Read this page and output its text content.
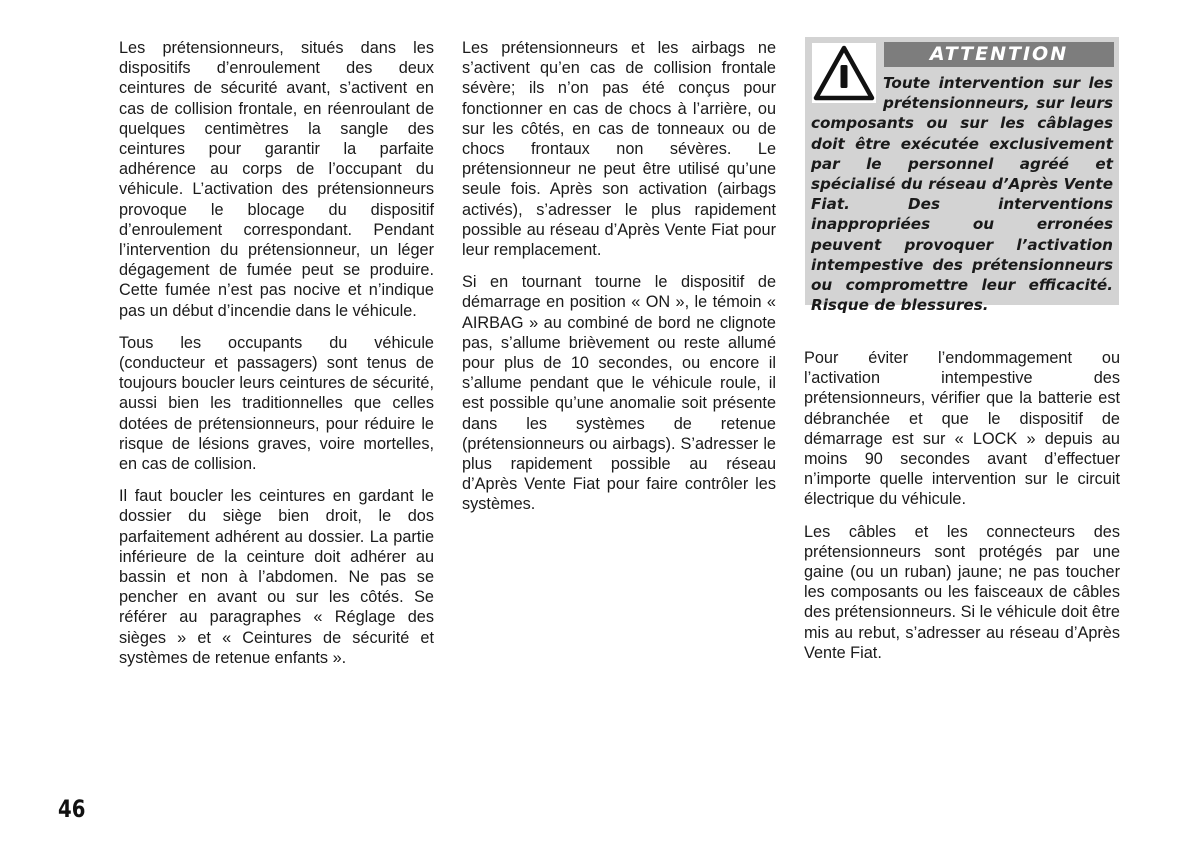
Les prétensionneurs, situés dans les dispositifs d’enroulement des deux ceintures de sécurité avant, s’activent en cas de collision frontale, en réenroulant de quelques centimètres la sangle des ceintures pour garantir la parfaite adhérence au corps de l’occupant du véhicule. L’activation des prétensionneurs provoque le blocage du dispositif d’enroulement correspondant. Pendant l’intervention du prétensionneur, un léger dégagement de fumée peut se produire. Cette fumée n’est pas nocive et n’indique pas un début d’incendie dans le véhicule.

Tous les occupants du véhicule (conducteur et passagers) sont tenus de toujours boucler leurs ceintures de sécurité, aussi bien les traditionnelles que celles dotées de prétensionneurs, pour réduire le risque de lésions graves, voire mortelles, en cas de collision.

Il faut boucler les ceintures en gardant le dossier du siège bien droit, le dos parfaitement adhérent au dossier. La partie inférieure de la ceinture doit adhérer au bassin et non à l’abdomen. Ne pas se pencher en avant ou sur les côtés. Se référer au paragraphes « Réglage des sièges » et « Ceintures de sécurité et systèmes de retenue enfants ».

Les prétensionneurs et les airbags ne s’activent qu’en cas de collision frontale sévère; ils n’on pas été conçus pour fonctionner en cas de chocs à l’arrière, ou sur les côtés, en cas de tonneaux ou de chocs frontaux non sévères. Le prétensionneur ne peut être utilisé qu’une seule fois. Après son activation (airbags activés), s’adresser le plus rapidement possible au réseau d’Après Vente Fiat pour leur remplacement.

Si en tournant tourne le dispositif de démarrage en position « ON », le témoin « AIRBAG » au combiné de bord ne clignote pas, s’allume brièvement ou reste allumé pour plus de 10 secondes, ou encore il s’allume pendant que le véhicule roule, il est possible qu’une anomalie soit présente dans les systèmes de retenue (prétensionneurs ou airbags). S’adresser le plus rapidement possible au réseau d’Après Vente Fiat pour faire contrôler les systèmes.

ATTENTION

Toute intervention sur les prétensionneurs, sur leurs composants ou sur les câblages doit être exécutée exclusivement par le personnel agréé et spécialisé du réseau d’Après Vente Fiat. Des interventions inappropriées ou erronées peuvent provoquer l’activation intempestive des prétensionneurs ou compromettre leur efficacité. Risque de blessures.

Pour éviter l’endommagement ou l’activation intempestive des prétensionneurs, vérifier que la batterie est débranchée et que le dispositif de démarrage est sur « LOCK » depuis au moins 90 secondes avant d’effectuer n’importe quelle intervention sur le circuit électrique du véhicule.

Les câbles et les connecteurs des prétensionneurs sont protégés par une gaine (ou un ruban) jaune; ne pas toucher les composants ou les faisceaux de câbles des prétensionneurs. Si le véhicule doit être mis au rebut, s’adresser au réseau d’Après Vente Fiat.

46
